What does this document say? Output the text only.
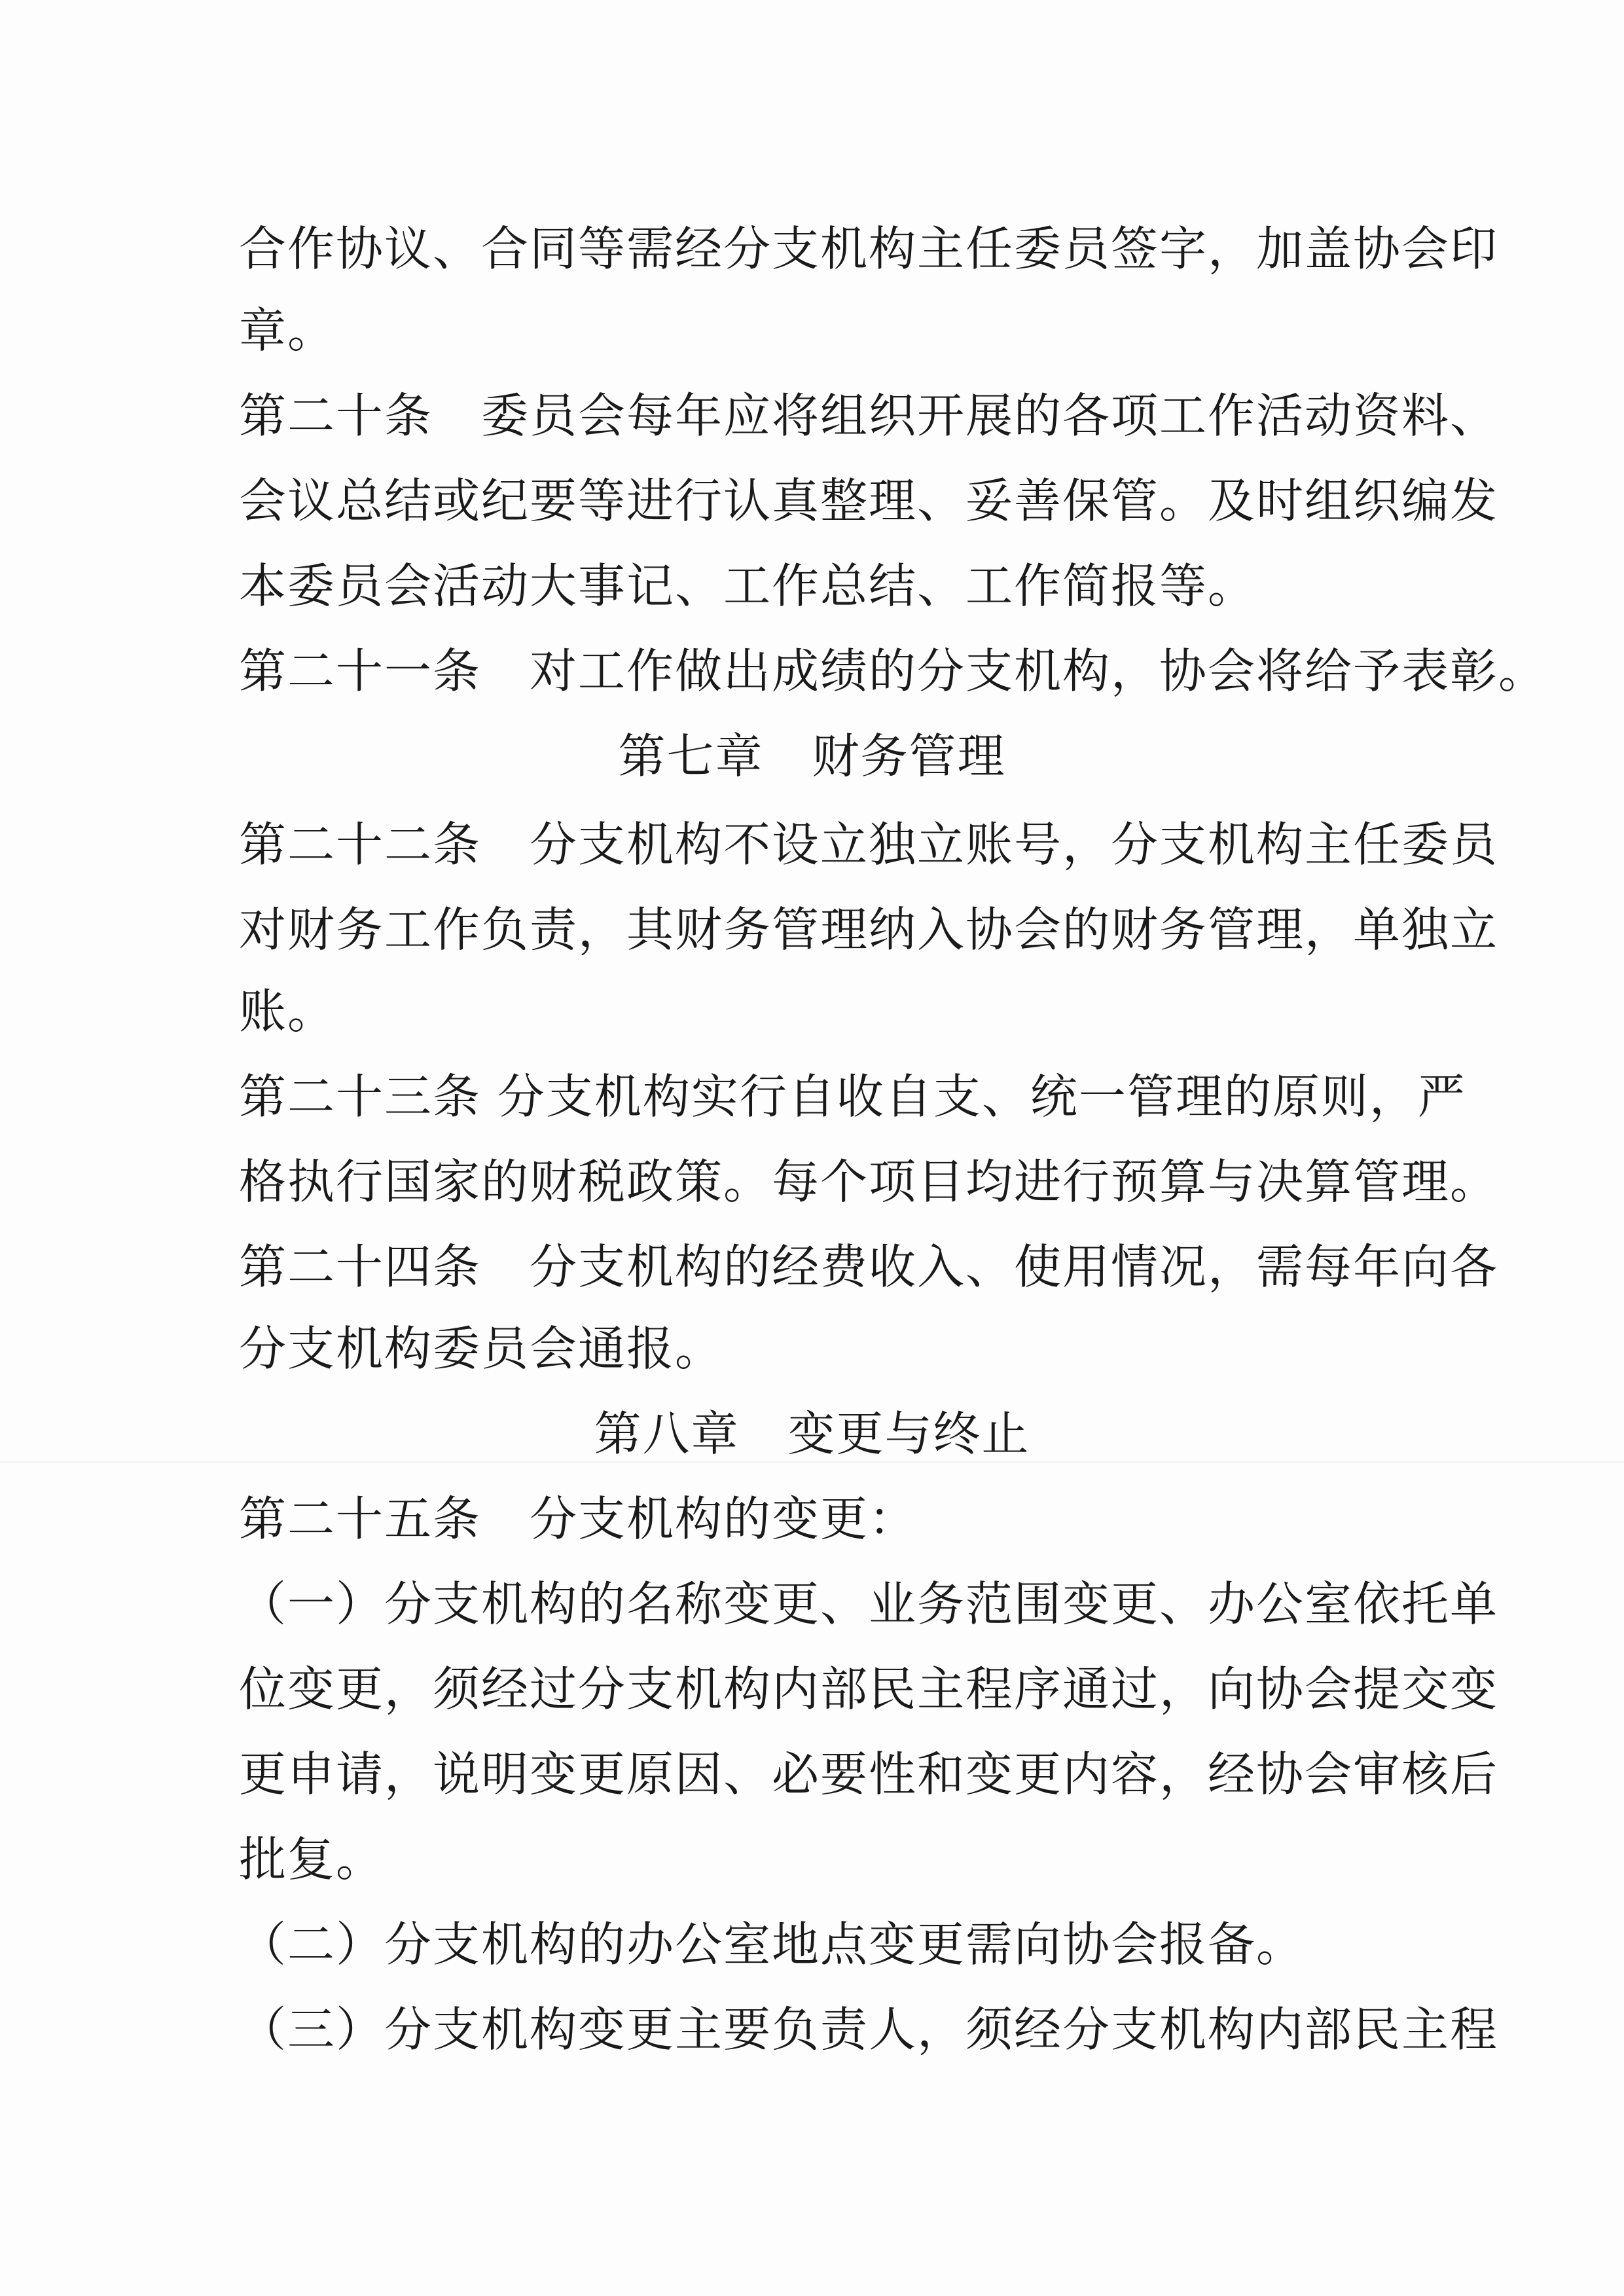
合作协议、合同等需经分支机构主任委员签字，加盖协会印
章。
第二十条　委员会每年应将组织开展的各项工作活动资料、
会议总结或纪要等进行认真整理、妥善保管。及时组织编发
本委员会活动大事记、工作总结、工作简报等。
第二十一条　对工作做出成绩的分支机构，协会将给予表彰。
第七章　财务管理
第二十二条　分支机构不设立独立账号，分支机构主任委员
对财务工作负责，其财务管理纳入协会的财务管理，单独立
账。
第二十三条 分支机构实行自收自支、统一管理的原则，严
格执行国家的财税政策。每个项目均进行预算与决算管理。
第二十四条　分支机构的经费收入、使用情况，需每年向各
分支机构委员会通报。
第八章　变更与终止
第二十五条　分支机构的变更：
（一）分支机构的名称变更、业务范围变更、办公室依托单
位变更，须经过分支机构内部民主程序通过，向协会提交变
更申请，说明变更原因、必要性和变更内容，经协会审核后
批复。
（二）分支机构的办公室地点变更需向协会报备。
（三）分支机构变更主要负责人，须经分支机构内部民主程
